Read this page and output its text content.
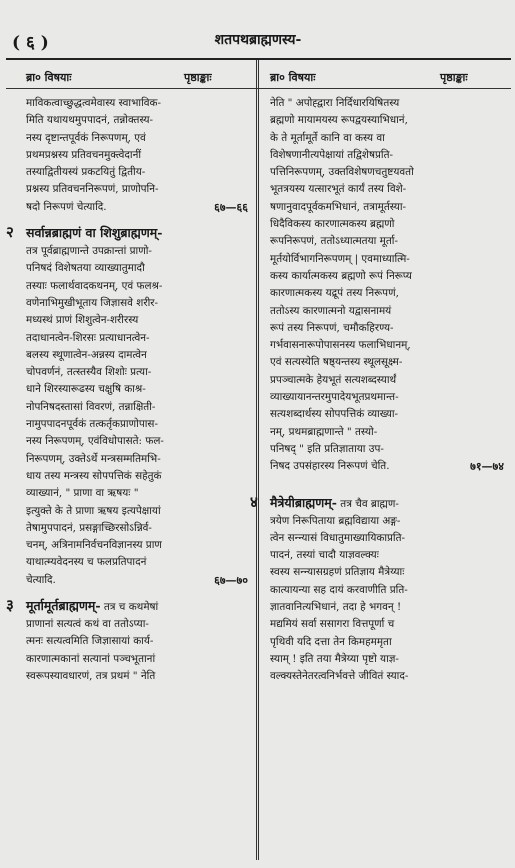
( ६ )	शतपथब्राह्मणस्य-
ब्रा० विषयाः	पृष्ठाङ्काः	ब्रा० विषयाः	पृष्ठाङ्काः
माविकत्वाच्छुद्धत्वमेवास्य स्वाभाविक-
मिति यथायथमुपपादनं, तन्नोक्तस्य-
नस्य दृष्टान्तपूर्वकं निरूपणम्, एवं
प्रथमप्रश्नस्य प्रतिवचनमुक्त्वेदानीं
तस्याद्वितीयस्यं प्रकटयितुं द्वितीय-
प्रश्नस्य प्रतिवचननिरूपणं, प्राणोपनि-
षदो निरूपणं चेत्यादि.	६७—६६
२ सर्वान्नब्राह्मणं वा शिशुब्राह्मणम्-
तत्र पूर्वब्राह्मणान्ते उपक्रान्तां प्राणो-
पनिषदं विशेषतया व्याख्यातुमादौ
तस्याः फलार्थवादकथनम्, एवं फलश्र-
वणेनाभिमुखीभूताय जिज्ञासवे शरीर-
मध्यस्थं प्राणं शिशुत्वेन-शरीरस्य
तदाधानत्वेन-शिरसः प्रत्याधानत्वेन-
बलस्य स्थूणात्वेन-अन्नस्य दामत्वेन
चोपवर्णनं, तत्स्तस्यैव शिशोः प्रत्या-
धाने शिरस्यारूढस्य चक्षुषि काश्र-
नोपनिषदस्तासां विवरणं, तन्नाक्षिती-
नामुपपादनपूर्वकं तत्कर्तृकप्राणोपास-
नस्य निरूपणम्, एवंविधोपासते: फल-
निरूपणम्, उक्तेऽर्थे मन्त्रसम्मतिमभि-
धाय तस्य मन्त्रस्य सोपपत्तिकं सहेतुकं
व्याख्यानं, " प्राणा वा ऋषयः "
इत्युक्ते के ते प्राणा ऋषय इत्यपेक्षायां
तेषामुपपादनं, प्रसङ्गाच्छिरसोऽन्निर्व-
चनम्, अत्रिनामनिर्वचनविज्ञानस्य प्राण
याथात्म्यवेदनस्य च फलप्रतिपादनं
चेत्यादि.	६७—७०
३ मूर्तामूर्तब्राह्मणम्- तत्र च कथमेषां
प्राणानां सत्यत्वं कथं वा ततोऽप्या-
त्मनः सत्यत्वमिति जिज्ञासायां कार्य-
कारणात्मकानां सत्यानां पञ्चभूतानां
स्वरूपस्यावधारणं, तत्र प्रथमं " नेति
नेति " अपोह्द्वारा निर्दिधारयिषितस्य
ब्रह्मणो मायामयस्य रूपद्वयस्याभिधानं,
के ते मूर्तामूर्ते कानि वा कस्य वा
विशेषणानीत्यपेक्षायां तद्विशेषप्रति-
पत्तिनिरूपणम्, उक्तविशेषणचतुष्टयवतो
भूतत्रयस्य यत्सारभूतं कार्यं तस्य विशे-
षणानुवादपूर्वकमभिधानं, तत्रामूर्तस्या-
धिदैविकस्य कारणात्मकस्य ब्रह्मणो
रूपनिरूपणं, ततोऽध्यात्मतया मूर्ता-
मूर्तयोर्विभागनिरूपणम् | एवमाध्यात्मि-
कस्य कार्यात्मकस्य ब्रह्मणो रूपं निरूप्य
कारणात्मकस्य यद्रूपं तस्य निरूपणं,
ततोऽस्य कारणात्मनो यद्वासनामयं
रूपं तस्य निरूपणं, चमौकहिरण्य-
गर्भवासनारूपोपासनस्य फलाभिधानम्,
एवं सत्यस्येति षष्ठ्यन्तस्य स्थूलसूक्ष्म-
प्रपञ्चात्मके हेयभूतं सत्यशब्दस्यार्थं
व्याख्यायानन्तरमुपादेयभूतप्रथमान्त-
सत्यशब्दार्थस्य सोपपत्तिकं व्याख्या-
नम्, प्रथमब्राह्मणान्ते " तस्यो-
पनिषद् " इति प्रतिज्ञाताया उप-
निषद उपसंहारस्य निरूपणं चेति.	७१—७४
४ मैत्रेयीब्राह्मणम्- तत्र चैव ब्राह्मण-
त्रयेण निरूपिताया ब्रह्मविद्याया अङ्ग-
त्वेन सन्न्यासं विधातुमाख्यायिकाप्रति-
पादनं, तस्यां चादौ याज्ञवल्क्यः
स्वस्य सन्न्यासग्रहणं प्रतिज्ञाय मैत्रेय्याः
कात्यायन्या सह दायं करवाणीति प्रति-
ज्ञातवानित्यभिधानं, तदा हे भगवन् !
मद्यमियं सर्वा ससागरा वित्तपूर्णा च
पृथिवी यदि दत्ता तेन किमहममृता
स्याम् ! इति तया मैत्रेय्या पृष्टो याज्ञ-
वल्क्यस्तेनेतरत्वनिर्भवत्ते जीवितं स्याद-
